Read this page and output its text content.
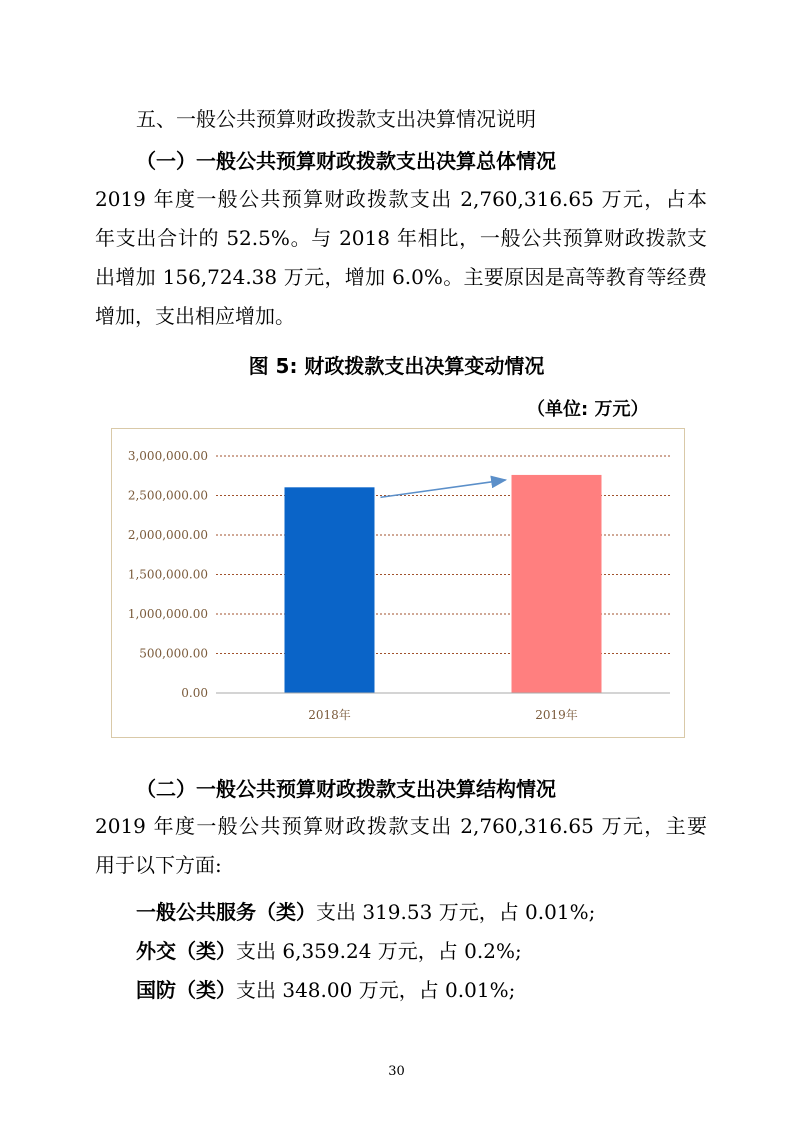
五、一般公共预算财政拨款支出决算情况说明
（一）一般公共预算财政拨款支出决算总体情况
2019 年度一般公共预算财政拨款支出 2,760,316.65 万元，占本
年支出合计的 52.5%。与 2018 年相比，一般公共预算财政拨款支
出增加 156,724.38 万元，增加 6.0%。主要原因是高等教育等经费
增加，支出相应增加。
图 5: 财政拨款支出决算变动情况
（单位: 万元）
0.00
500,000.00
1,000,000.00
1,500,000.00
2,000,000.00
2,500,000.00
3,000,000.00
2018年	2019年
（二）一般公共预算财政拨款支出决算结构情况
2019 年度一般公共预算财政拨款支出 2,760,316.65 万元，主要
用于以下方面:
一般公共服务（类）支出 319.53 万元，占 0.01%;
外交（类）支出 6,359.24 万元，占 0.2%;
国防（类）支出 348.00 万元，占 0.01%;
30
